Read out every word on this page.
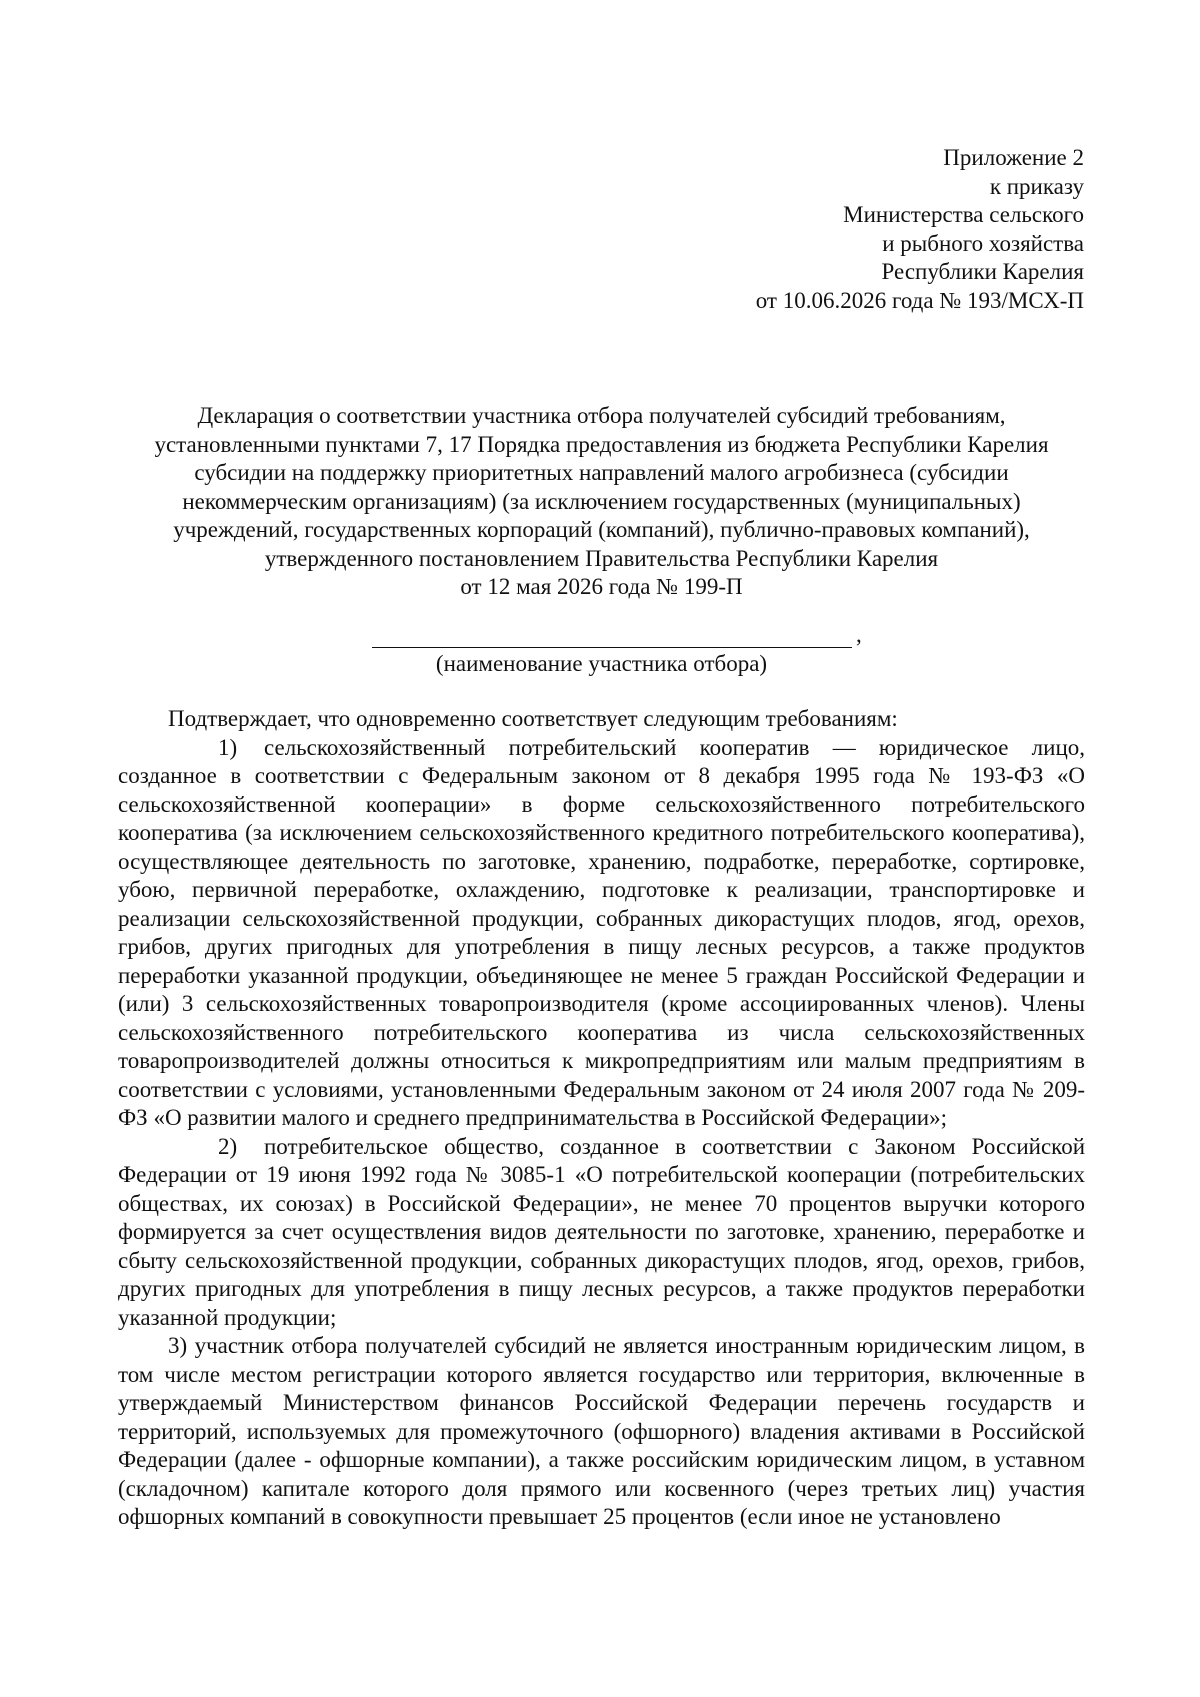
Приложение 2
к приказу
Министерства сельского
и рыбного хозяйства
Республики Карелия
от 10.06.2026 года № 193/МСХ-П
Декларация о соответствии участника отбора получателей субсидий требованиям,
установленными пунктами 7, 17 Порядка предоставления из бюджета Республики Карелия
субсидии на поддержку приоритетных направлений малого агробизнеса (субсидии
некоммерческим организациям) (за исключением государственных (муниципальных)
учреждений, государственных корпораций (компаний), публично-правовых компаний),
утвержденного постановлением Правительства Республики Карелия
от 12 мая 2026 года № 199-П
,
(наименование участника отбора)

Подтверждает, что одновременно соответствует следующим требованиям:

1) сельскохозяйственный потребительский кооператив — юридическое лицо, созданное в соответствии с Федеральным законом от 8 декабря 1995 года № 193-ФЗ «О сельскохозяйственной кооперации» в форме сельскохозяйственного потребительского кооператива (за исключением сельскохозяйственного кредитного потребительского кооператива), осуществляющее деятельность по заготовке, хранению, подработке, переработке, сортировке, убою, первичной переработке, охлаждению, подготовке к реализации, транспортировке и реализации сельскохозяйственной продукции, собранных дикорастущих плодов, ягод, орехов, грибов, других пригодных для употребления в пищу лесных ресурсов, а также продуктов переработки указанной продукции, объединяющее не менее 5 граждан Российской Федерации и (или) 3 сельскохозяйственных товаропроизводителя (кроме ассоциированных членов). Члены сельскохозяйственного потребительского кооператива из числа сельскохозяйственных товаропроизводителей должны относиться к микропредприятиям или малым предприятиям в соответствии с условиями, установленными Федеральным законом от 24 июля 2007 года № 209-ФЗ «О развитии малого и среднего предпринимательства в Российской Федерации»;

2) потребительское общество, созданное в соответствии с Законом Российской Федерации от 19 июня 1992 года № 3085-1 «О потребительской кооперации (потребительских обществах, их союзах) в Российской Федерации», не менее 70 процентов выручки которого формируется за счет осуществления видов деятельности по заготовке, хранению, переработке и сбыту сельскохозяйственной продукции, собранных дикорастущих плодов, ягод, орехов, грибов, других пригодных для употребления в пищу лесных ресурсов, а также продуктов переработки указанной продукции;

3) участник отбора получателей субсидий не является иностранным юридическим лицом, в том числе местом регистрации которого является государство или территория, включенные в утверждаемый Министерством финансов Российской Федерации перечень государств и территорий, используемых для промежуточного (офшорного) владения активами в Российской Федерации (далее - офшорные компании), а также российским юридическим лицом, в уставном (складочном) капитале которого доля прямого или косвенного (через третьих лиц) участия офшорных компаний в совокупности превышает 25 процентов (если иное не установлено
